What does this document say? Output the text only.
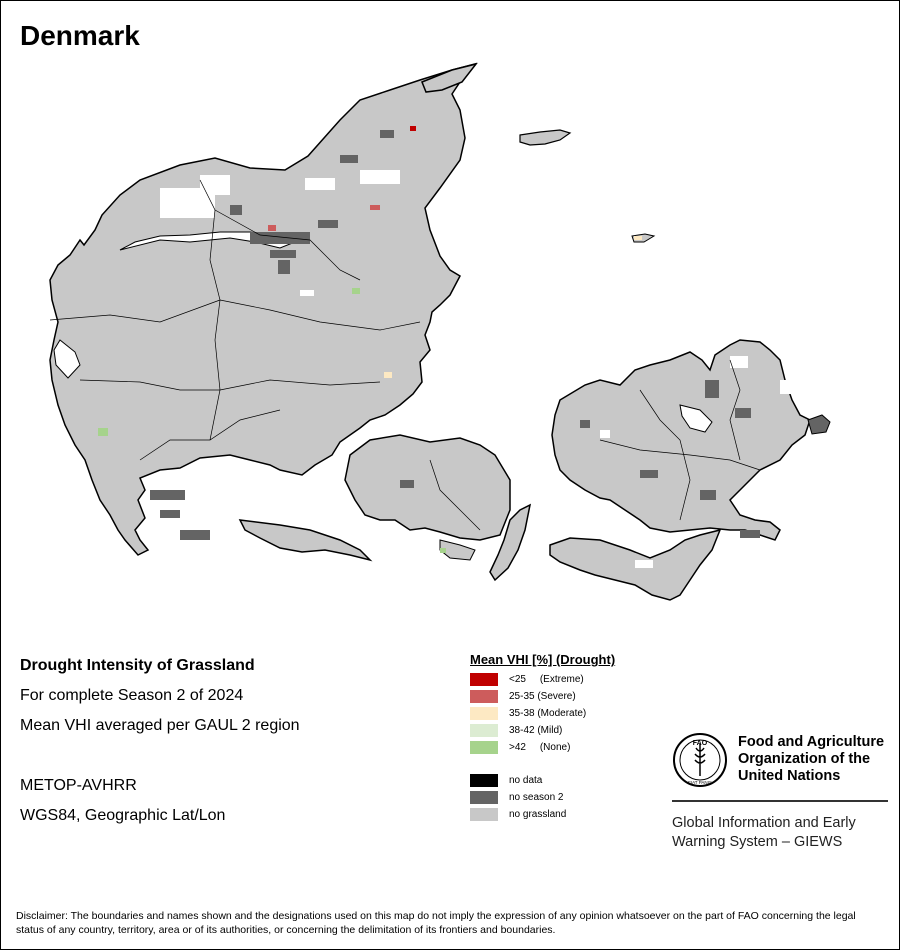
Denmark
Drought Intensity of Grassland
For complete Season 2 of 2024
Mean VHI averaged per GAUL 2 region
METOP-AVHRR
WGS84, Geographic Lat/Lon
Mean VHI [%] (Drought)
<25     (Extreme)
25-35 (Severe)
35-38 (Moderate)
38-42 (Mild)
>42     (None)
no data
no season 2
no grassland
FAO
FIAT PANIS
Food and Agriculture
Organization of the
United Nations
Global Information and Early
Warning System – GIEWS
Disclaimer: The boundaries and names shown and the designations used on this map do not imply the expression of any opinion whatsoever on the part of FAO concerning the legal status of any country, territory, area or of its authorities, or concerning the delimitation of its frontiers and boundaries.
